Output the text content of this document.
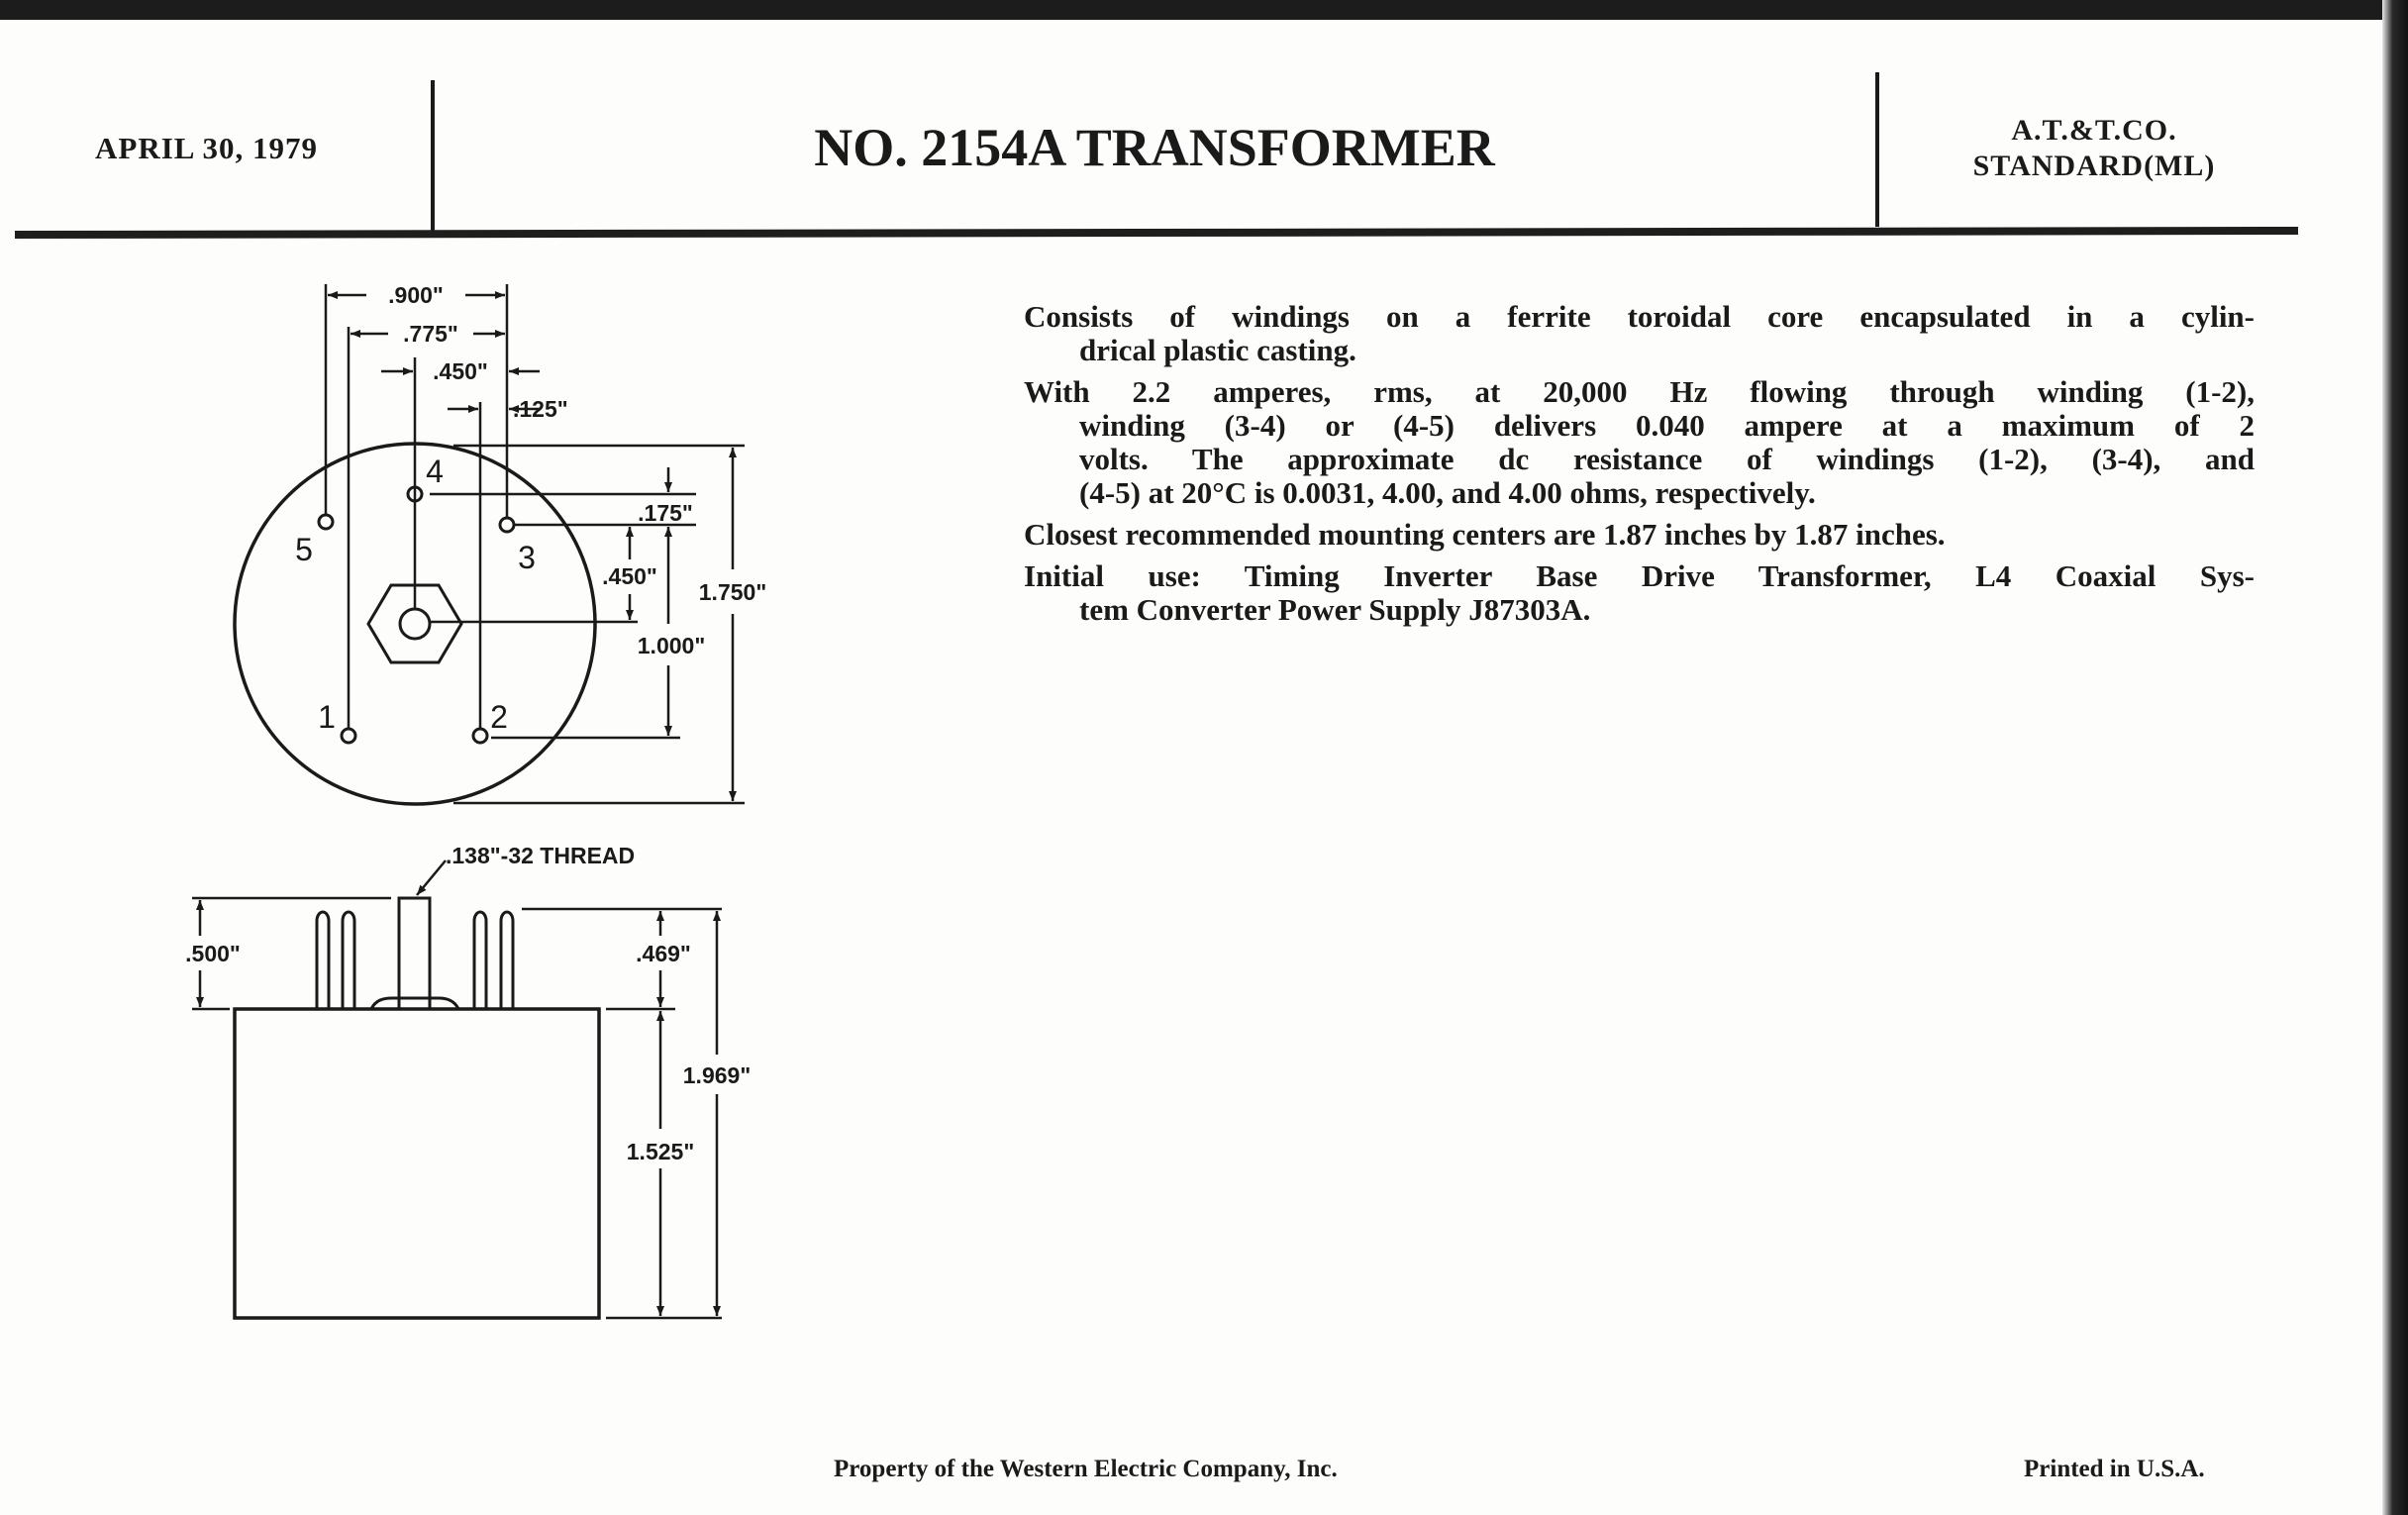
APRIL 30, 1979	NO. 2154A TRANSFORMER	A.T.&T.CO.
STANDARD(ML)
.900"
.775"
.450"
.125"
.175"
.450"
1.000"
1.750"
4
5	3
1	2
.138"-32 THREAD
.500"	.469"
1.969"
1.525"
Consists of windings on a ferrite toroidal core encapsulated in a cylin-
drical plastic casting.
With 2.2 amperes, rms, at 20,000 Hz flowing through winding (1-2),
winding (3-4) or (4-5) delivers 0.040 ampere at a maximum of 2
volts. The approximate dc resistance of windings (1-2), (3-4), and
(4-5) at 20°C is 0.0031, 4.00, and 4.00 ohms, respectively.
Closest recommended mounting centers are 1.87 inches by 1.87 inches.
Initial use: Timing Inverter Base Drive Transformer, L4 Coaxial Sys-
tem Converter Power Supply J87303A.
Property of the Western Electric Company, Inc.	Printed in U.S.A.
